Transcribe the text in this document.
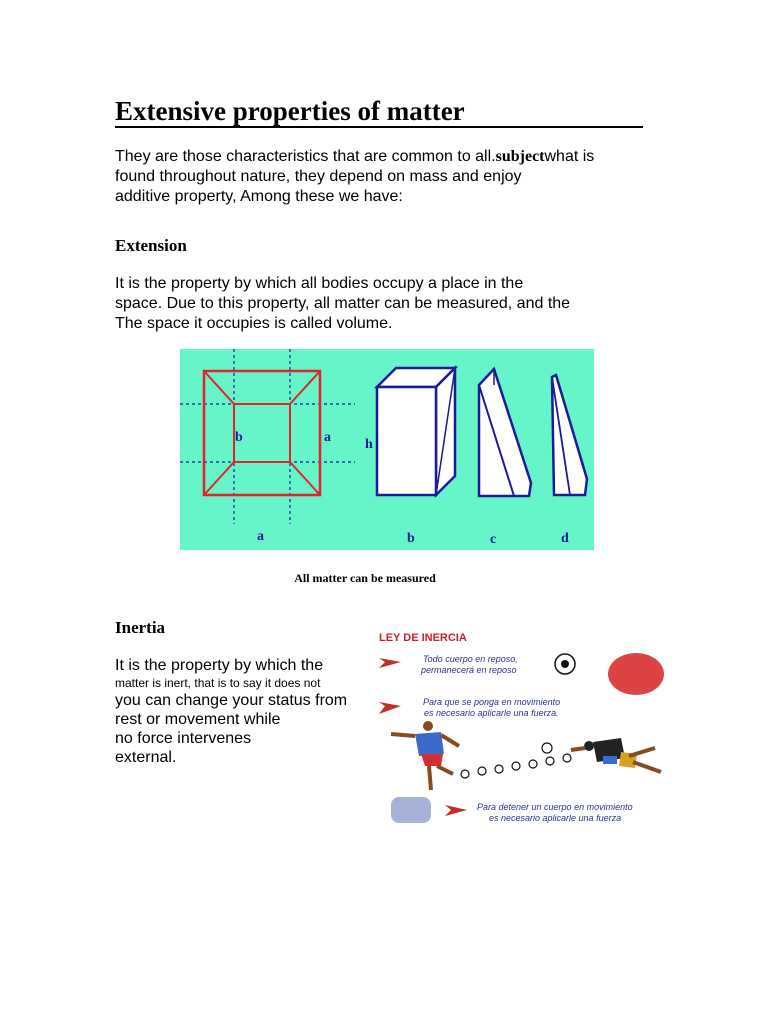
Extensive properties of matter
They are those characteristics that are common to all.subjectwhat is
found throughout nature, they depend on mass and enjoy
additive property, Among these we have:
Extension
It is the property by which all bodies occupy a place in the
space. Due to this property, all matter can be measured, and the
The space it occupies is called volume.
b	a
a
h
b	c	d
All matter can be measured
Inertia
It is the property by which the
matter is inert, that is to say it does not
you can change your status from
rest or movement while
no force intervenes
external.
LEY DE INERCIA
Todo cuerpo en reposo,
permanecerá en reposo
Para que se ponga en movimiento
es necesario aplicarle una fuerza.
Para detener un cuerpo en movimiento
es necesario aplicarle una fuerza
